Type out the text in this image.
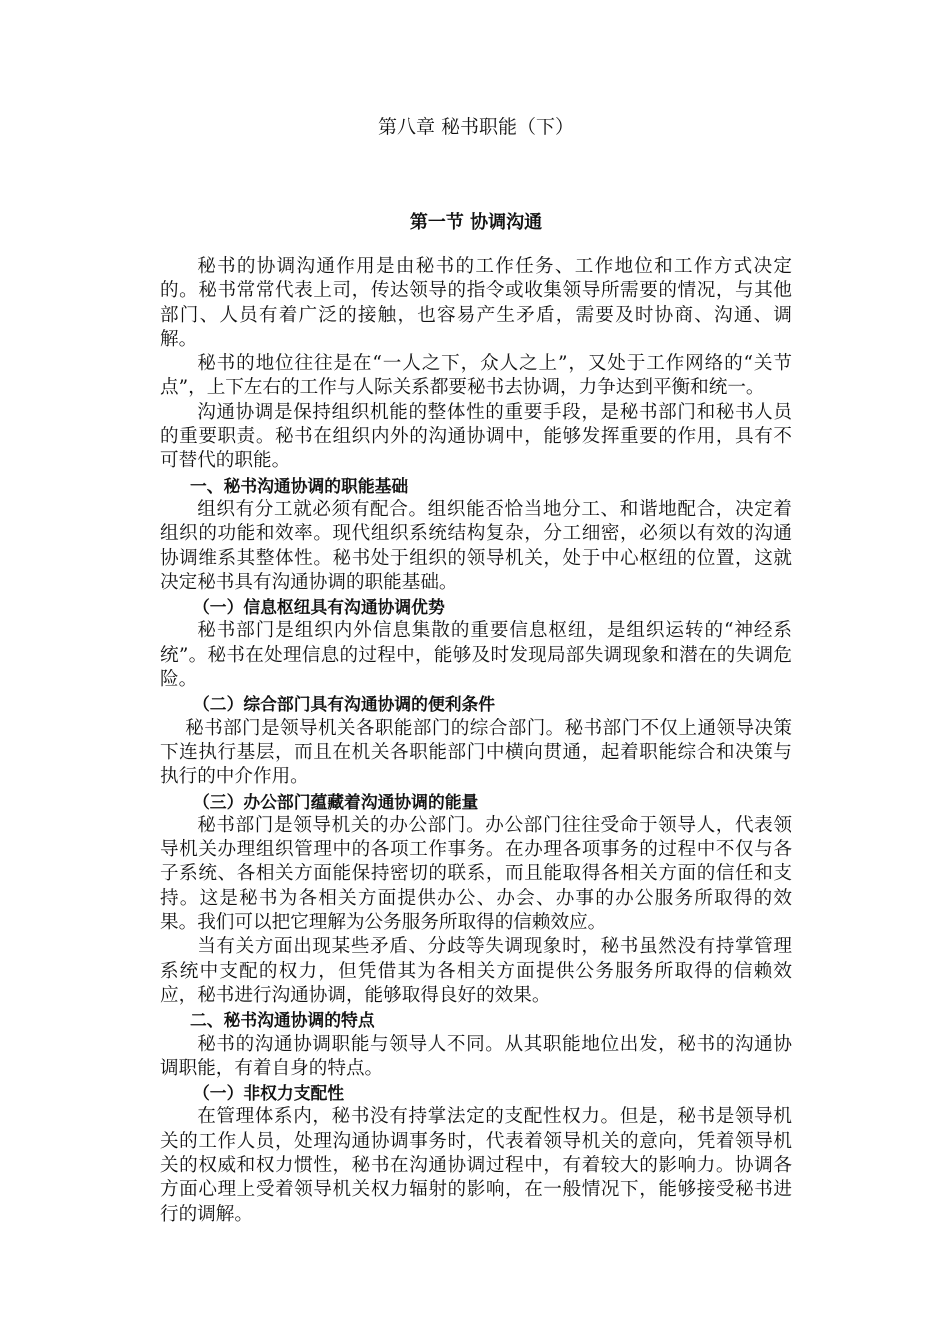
第八章 秘书职能（下）
第一节 协调沟通

秘书的协调沟通作用是由秘书的工作任务、工作地位和工作方式决定的。秘书常常代表上司，传达领导的指令或收集领导所需要的情况，与其他部门、人员有着广泛的接触，也容易产生矛盾，需要及时协商、沟通、调解。

秘书的地位往往是在“一人之下，众人之上”，又处于工作网络的“关节点”，上下左右的工作与人际关系都要秘书去协调，力争达到平衡和统一。

沟通协调是保持组织机能的整体性的重要手段，是秘书部门和秘书人员的重要职责。秘书在组织内外的沟通协调中，能够发挥重要的作用，具有不可替代的职能。

一、秘书沟通协调的职能基础

组织有分工就必须有配合。组织能否恰当地分工、和谐地配合，决定着组织的功能和效率。现代组织系统结构复杂，分工细密，必须以有效的沟通协调维系其整体性。秘书处于组织的领导机关，处于中心枢纽的位置，这就决定秘书具有沟通协调的职能基础。

（一）信息枢纽具有沟通协调优势

秘书部门是组织内外信息集散的重要信息枢纽，是组织运转的“神经系统”。秘书在处理信息的过程中，能够及时发现局部失调现象和潜在的失调危险。

（二）综合部门具有沟通协调的便利条件

秘书部门是领导机关各职能部门的综合部门。秘书部门不仅上通领导决策下连执行基层，而且在机关各职能部门中横向贯通，起着职能综合和决策与执行的中介作用。

（三）办公部门蕴藏着沟通协调的能量

秘书部门是领导机关的办公部门。办公部门往往受命于领导人，代表领导机关办理组织管理中的各项工作事务。在办理各项事务的过程中不仅与各子系统、各相关方面能保持密切的联系，而且能取得各相关方面的信任和支持。这是秘书为各相关方面提供办公、办会、办事的办公服务所取得的效果。我们可以把它理解为公务服务所取得的信赖效应。

当有关方面出现某些矛盾、分歧等失调现象时，秘书虽然没有持掌管理系统中支配的权力，但凭借其为各相关方面提供公务服务所取得的信赖效应，秘书进行沟通协调，能够取得良好的效果。

二、秘书沟通协调的特点

秘书的沟通协调职能与领导人不同。从其职能地位出发，秘书的沟通协调职能，有着自身的特点。

（一）非权力支配性

在管理体系内，秘书没有持掌法定的支配性权力。但是，秘书是领导机关的工作人员，处理沟通协调事务时，代表着领导机关的意向，凭着领导机关的权威和权力惯性，秘书在沟通协调过程中，有着较大的影响力。协调各方面心理上受着领导机关权力辐射的影响，在一般情况下，能够接受秘书进行的调解。
